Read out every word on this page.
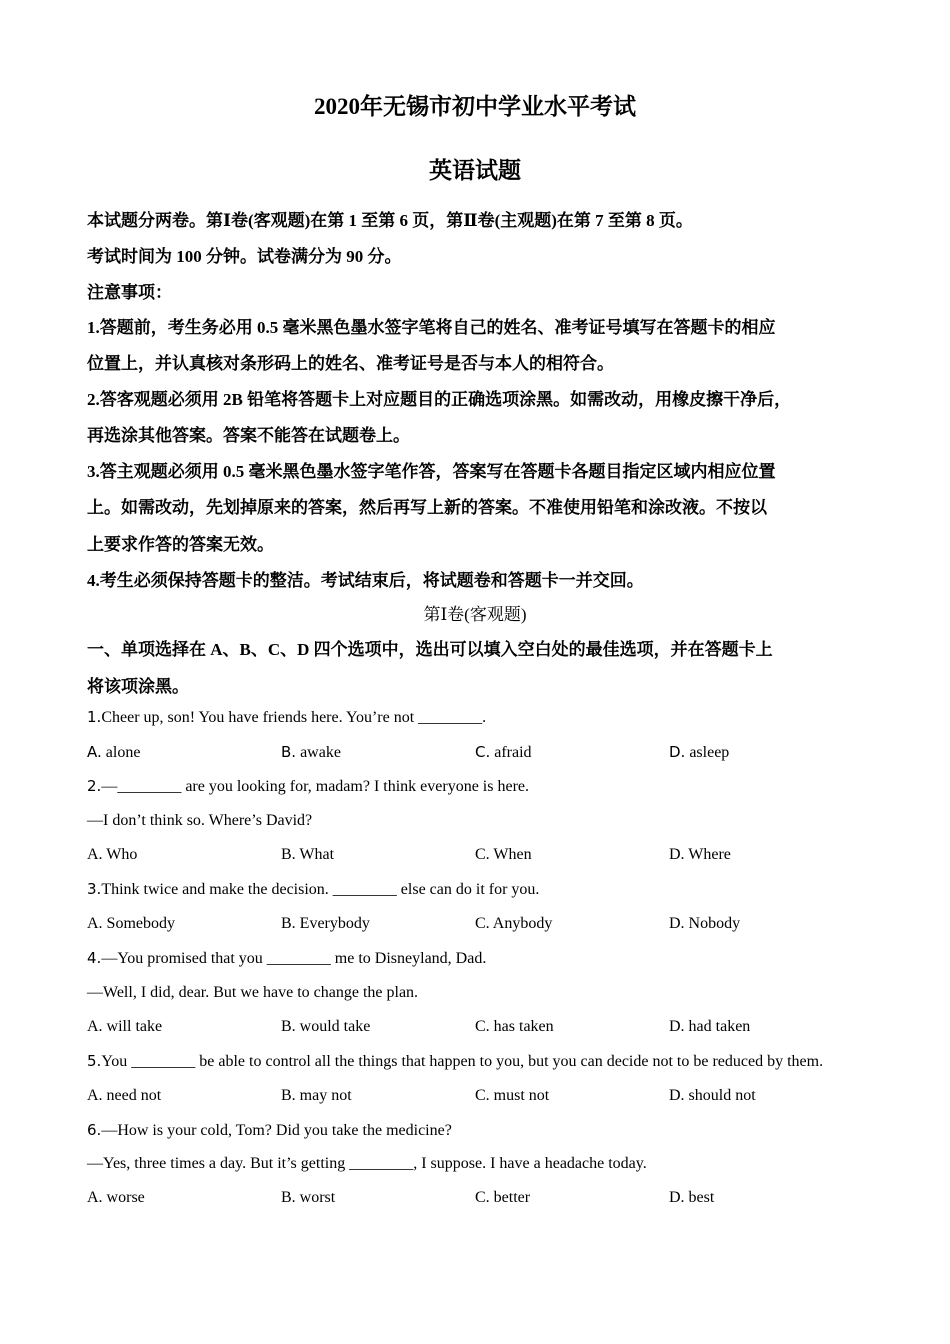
2020年无锡市初中学业水平考试
英语试题
本试题分两卷。第Ⅰ卷(客观题)在第 1 至第 6 页，第Ⅱ卷(主观题)在第 7 至第 8 页。
考试时间为 100 分钟。试卷满分为 90 分。
注意事项：
1.答题前，考生务必用 0.5 毫米黑色墨水签字笔将自己的姓名、准考证号填写在答题卡的相应
位置上，并认真核对条形码上的姓名、准考证号是否与本人的相符合。
2.答客观题必须用 2B 铅笔将答题卡上对应题目的正确选项涂黑。如需改动，用橡皮擦干净后，
再选涂其他答案。答案不能答在试题卷上。
3.答主观题必须用 0.5 毫米黑色墨水签字笔作答，答案写在答题卡各题目指定区域内相应位置
上。如需改动，先划掉原来的答案，然后再写上新的答案。不准使用铅笔和涂改液。不按以
上要求作答的答案无效。
4.考生必须保持答题卡的整洁。考试结束后，将试题卷和答题卡一并交回。
第Ⅰ卷(客观题)
一、单项选择在 A、B、C、D 四个选项中，选出可以填入空白处的最佳选项，并在答题卡上
将该项涂黑。
1.Cheer up, son! You have friends here. You’re not ________.
A. alone	B. awake	C. afraid	D. asleep
2.—________ are you looking for, madam? I think everyone is here.
—I don’t think so. Where’s David?
A. Who	B. What	C. When	D. Where
3.Think twice and make the decision. ________ else can do it for you.
A. Somebody	B. Everybody	C. Anybody	D. Nobody
4.—You promised that you ________ me to Disneyland, Dad.
—Well, I did, dear. But we have to change the plan.
A. will take	B. would take	C. has taken	D. had taken
5.You ________ be able to control all the things that happen to you, but you can decide not to be reduced by them.
A. need not	B. may not	C. must not	D. should not
6.—How is your cold, Tom? Did you take the medicine?
—Yes, three times a day. But it’s getting ________, I suppose. I have a headache today.
A. worse	B. worst	C. better	D. best
